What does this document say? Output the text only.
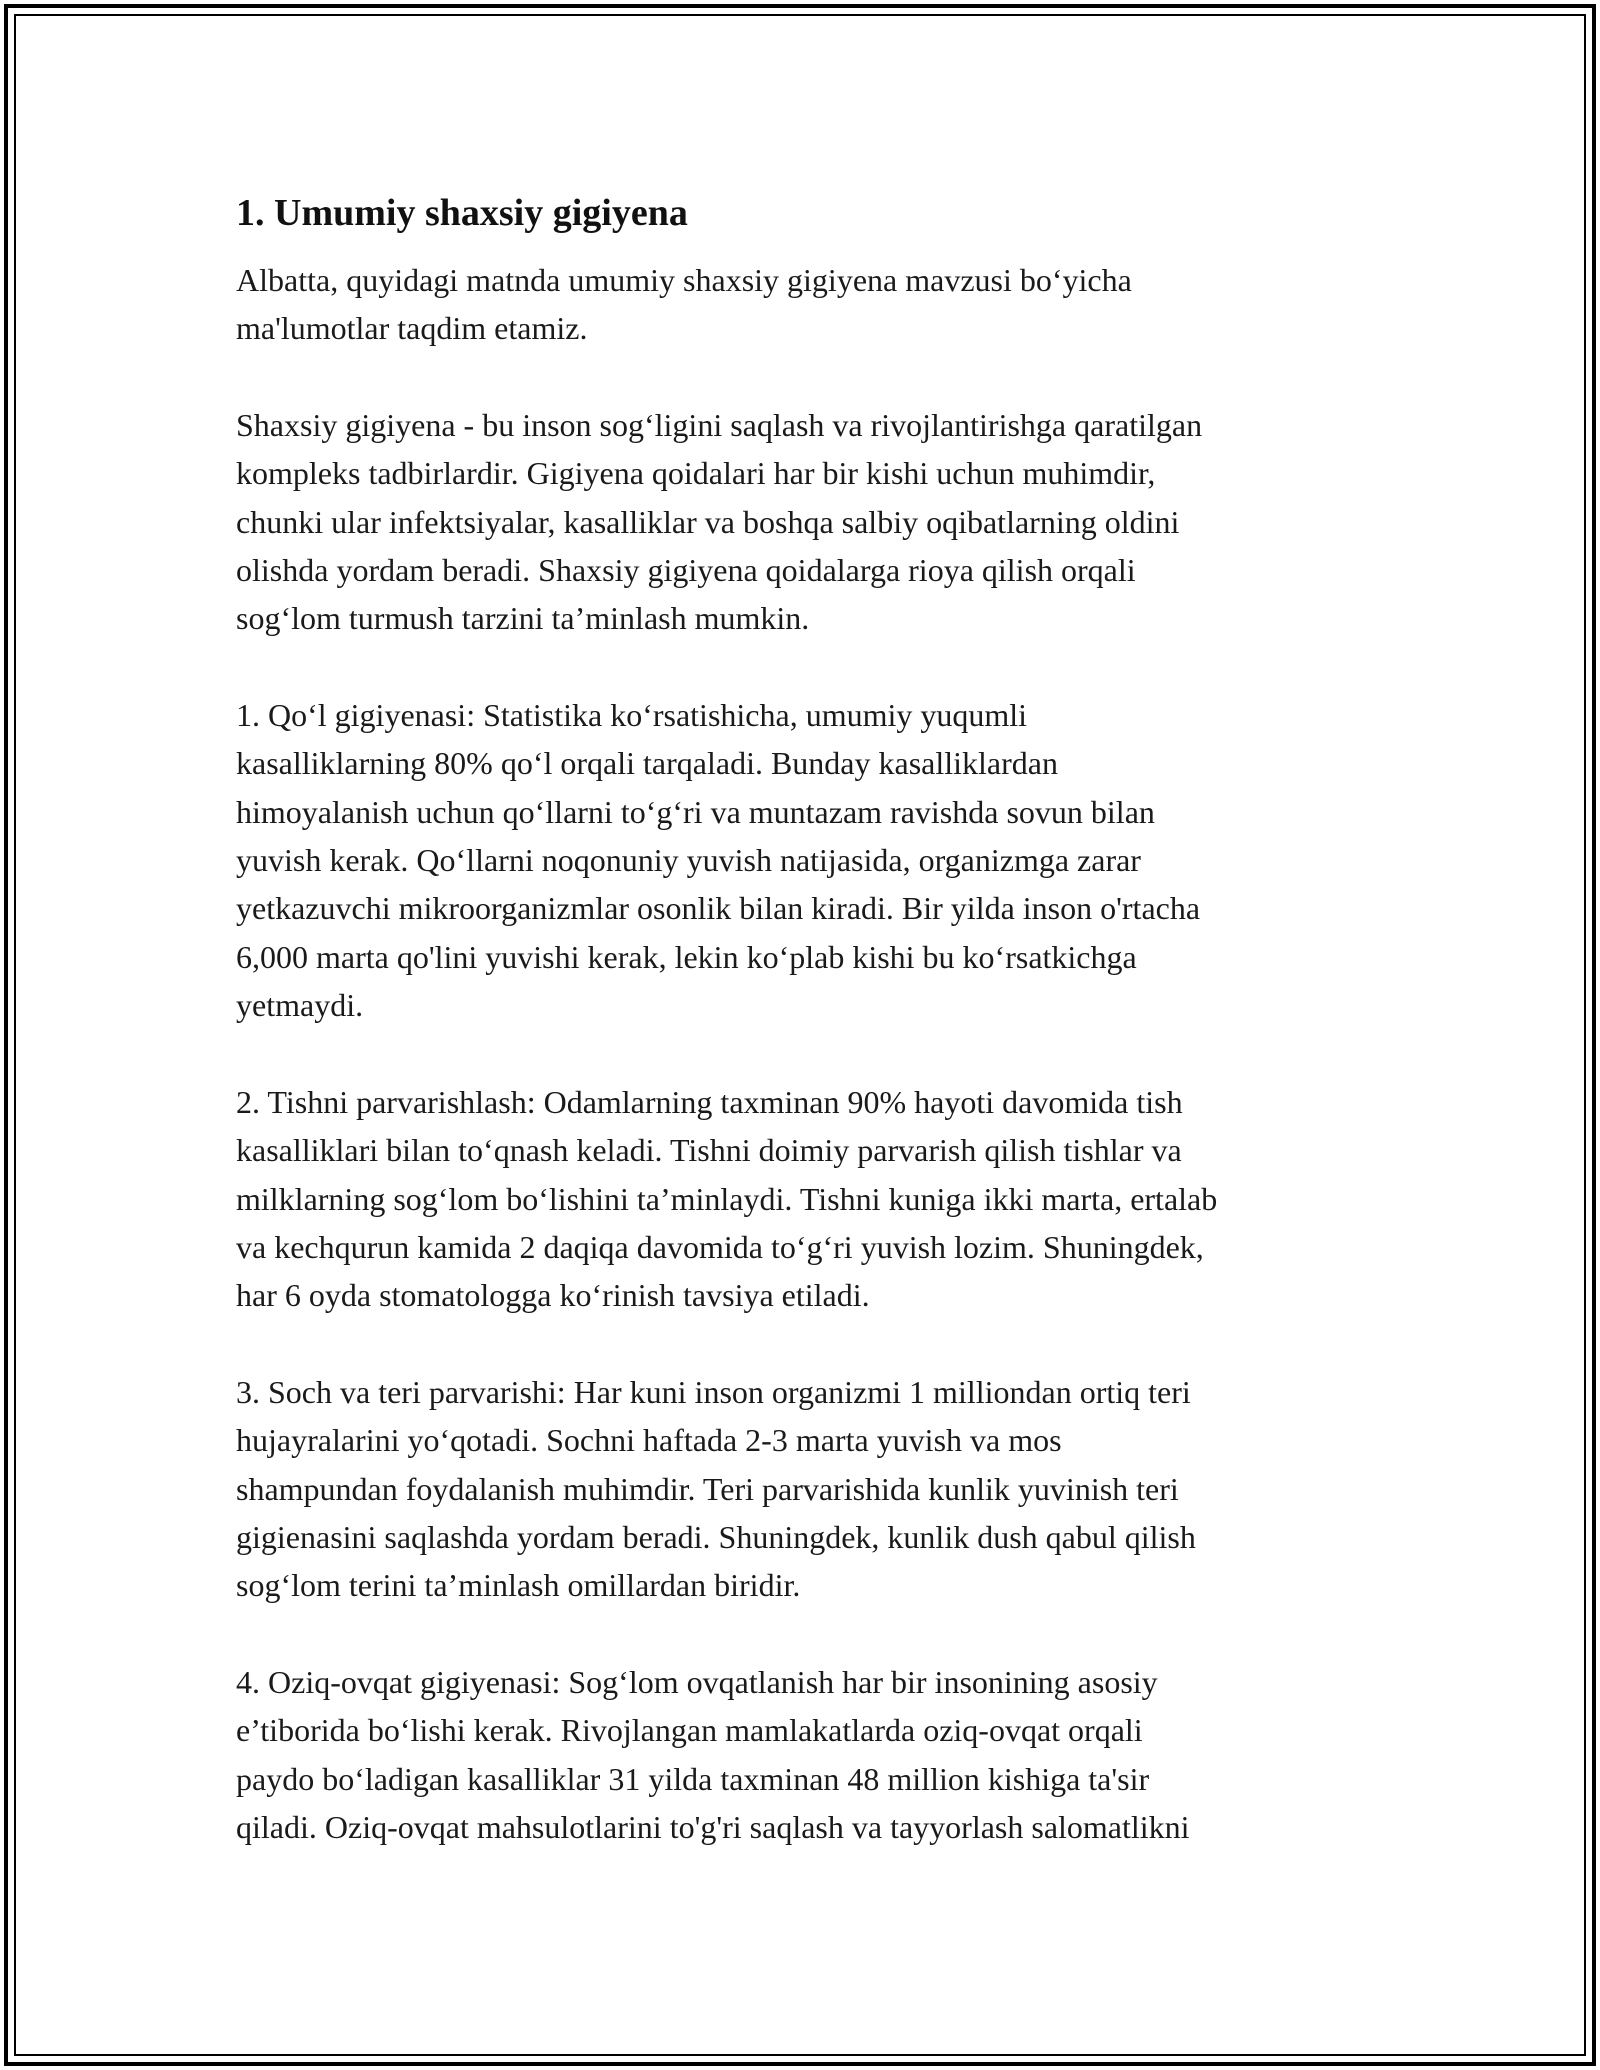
1. Umumiy shaxsiy gigiyena

Albatta, quyidagi matnda umumiy shaxsiy gigiyena mavzusi bo‘yicha
ma'lumotlar taqdim etamiz.

Shaxsiy gigiyena - bu inson sog‘ligini saqlash va rivojlantirishga qaratilgan
kompleks tadbirlardir. Gigiyena qoidalari har bir kishi uchun muhimdir,
chunki ular infektsiyalar, kasalliklar va boshqa salbiy oqibatlarning oldini
olishda yordam beradi. Shaxsiy gigiyena qoidalarga rioya qilish orqali
sog‘lom turmush tarzini ta’minlash mumkin.

1. Qo‘l gigiyenasi: Statistika ko‘rsatishicha, umumiy yuqumli
kasalliklarning 80% qo‘l orqali tarqaladi. Bunday kasalliklardan
himoyalanish uchun qo‘llarni to‘g‘ri va muntazam ravishda sovun bilan
yuvish kerak. Qo‘llarni noqonuniy yuvish natijasida, organizmga zarar
yetkazuvchi mikroorganizmlar osonlik bilan kiradi. Bir yilda inson o'rtacha
6,000 marta qo'lini yuvishi kerak, lekin ko‘plab kishi bu ko‘rsatkichga
yetmaydi.

2. Tishni parvarishlash: Odamlarning taxminan 90% hayoti davomida tish
kasalliklari bilan to‘qnash keladi. Tishni doimiy parvarish qilish tishlar va
milklarning sog‘lom bo‘lishini ta’minlaydi. Tishni kuniga ikki marta, ertalab
va kechqurun kamida 2 daqiqa davomida to‘g‘ri yuvish lozim. Shuningdek,
har 6 oyda stomatologga ko‘rinish tavsiya etiladi.

3. Soch va teri parvarishi: Har kuni inson organizmi 1 milliondan ortiq teri
hujayralarini yo‘qotadi. Sochni haftada 2-3 marta yuvish va mos
shampundan foydalanish muhimdir. Teri parvarishida kunlik yuvinish teri
gigienasini saqlashda yordam beradi. Shuningdek, kunlik dush qabul qilish
sog‘lom terini ta’minlash omillardan biridir.

4. Oziq-ovqat gigiyenasi: Sog‘lom ovqatlanish har bir insonining asosiy
e’tiborida bo‘lishi kerak. Rivojlangan mamlakatlarda oziq-ovqat orqali
paydo bo‘ladigan kasalliklar 31 yilda taxminan 48 million kishiga ta'sir
qiladi. Oziq-ovqat mahsulotlarini to'g'ri saqlash va tayyorlash salomatlikni
